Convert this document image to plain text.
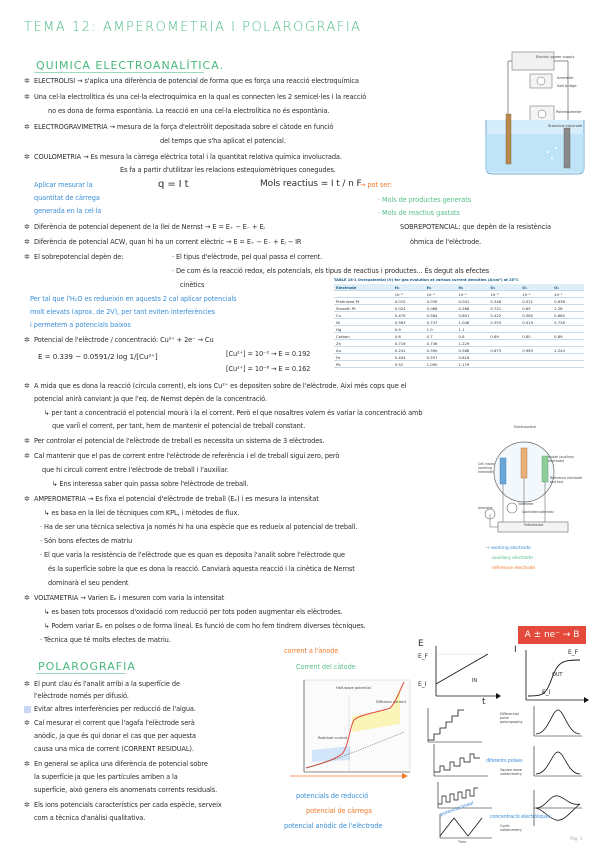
TEMA 12: AMPEROMETRIA I POLAROGRAFIA
QUIMICA ELECTROANALÍTICA.
Electric power supply
Ammeter
Salt bridge
Potentiometer
Standard electrode
✲ ELECTROLISI → s'aplica una diferència de potencial de forma que es força una reacció electroquímica
✲ Una cel·la electrolítica és una cel·la electroquímica en la qual es connecten les 2 semicel·les i la reacció
no es dona de forma espontània. La reacció en una cel·la electrolítica no és espontània.
✲ ELECTROGRAVIMETRIA → mesura de la força d'electròlit depositada sobre el càtode en funció
del temps que s'ha aplicat el potencial.
✲ COULOMETRIA → Es mesura la càrrega elèctrica total i la quantitat relativa química involucrada.
Es fa a partir d'utilitzar les relacions estequiomètriques conegudes.
Aplicar mesurar la
quantitat de càrrega
generada en la cel·la
q = I t	Mols reactius = I t / n F
→ pot ser:
· Mols de productes generats
· Mols de reactius gastats
✲ Diferència de potencial depenent de la llei de Nernst → E = E₊ − E₋ + Eⱼ	SOBREPOTENCIAL: que depèn de la resistència
✲ Diferència de potencial ACW, quan hi ha un corrent elèctric → E = E₊ − E₋ + Eⱼ − IR	òhmica de l'elèctrode.
✲ El sobrepotencial depèn de:	· El tipus d'elèctrode, pel qual passa el corrent.
· De com és la reacció redox, els potencials, els tipus de reactius i productes... És degut als efectes
cinètics
Per tal que l'H₂O es redueixin en aquests 2 cal aplicar potencials
molt elevats (aprox. de 2V), per tant eviten interferències
i permetem a potencials baixos
✲ Potencial de l'elèctrode / concentració: Cu²⁺ + 2e⁻ → Cu
E = 0.339 − 0.0591/2 log 1/[Cu²⁺]	[Cu²⁺] = 10⁻² → E = 0.192
[Cu²⁺] = 10⁻⁶ → E = 0.162
TABLE 18-1 Overpotential (V) for gas evolution at various current densities (A/cm²) at 25°C
Electrode	H₂	H₂	H₂	O₂	O₂	O₂
	10⁻³	10⁻²	10⁻¹	10⁻³	10⁻²	10⁻¹
Platinized Pt	0.015	0.030	0.041	0.348	0.521	0.638
Smooth Pt	0.024	0.068	0.288	0.721	0.85	1.28
Cu	0.479	0.584	0.801	0.422	0.580	0.660
Ni	0.563	0.747	1.048	0.353	0.519	0.726
Hg	0.9	1.0	1.1			
Carbon	0.6	0.7	0.8	0.69	0.80	0.89
Zn	0.716	0.746	1.229			
Au	0.241	0.390	0.588	0.673	0.963	1.244
Fe	0.404	0.557	0.818			
Pb	0.52	1.090	1.179			
✲ A mida que es dona la reacció (circula corrent), els ions Cu²⁺ es depositen sobre de l'elèctrode. Així més cops que el
potencial anirà canviant ja que l'eq. de Nernst depèn de la concentració.
↳ per tant a concentració el potencial mourà i la el corrent. Però el que nosaltres volem és variar la concentració amb
que variï el corrent, per tant, hem de mantenir el potencial de treball constant.
✲ Per controlar el potencial de l'elèctrode de treball es necessita un sistema de 3 elèctrodes.
✲ Cal mantenir que el pas de corrent entre l'elèctrode de referència i el de treball sigui zero, però
que hi circuli corrent entre l'elèctrode de treball i l'auxiliar.
↳ Ens interessa saber quin passa sobre l'elèctrode de treball.
✲ AMPEROMETRIA → Es fixa el potencial d'elèctrode de treball (Eₑ) i es mesura la intensitat
↳ es basa en la llei de tècniques com KPL, i mètodes de flux.
· Ha de ser una tècnica selectiva ja només hi ha una espècie que es redueix al potencial de treball.
· Són bons efectes de matriu
· El que varia la resistència de l'elèctrode que es quan es deposita l'analit sobre l'elèctrode que
és la superfície sobre la que es dona la reacció. Canviarà aquesta reacció i la cinètica de Nernst
dominarà el seu pendent
✲ VOLTAMETRIA → Varien Eₑ i mesuren com varia la intensitat
↳ es basen tots processos d'oxidació com reducció per tots poden augmentar els elèctrodes.
↳ Podem variar Eₑ en polses o de forma lineal. Es funció de com ho fem tindrem diverses tècniques.
· Tècnica que té molts efectes de matriu.
Electroactive
Anode (auxiliary electrode)
Cell inside (working electrode)
Reference electrode and test
Voltmeter
Controlled potential
Ammeter
Potentiostat
→ working electrode
auxiliary electrode
reference electrode
POLAROGRAFIA
✲ El punt clau és l'analit arribi a la superfície de
l'elèctrode només per difusió.
Evitar altres interferències per reducció de l'aigua.
✲ Cal mesurar el corrent que l'agafa l'elèctrode serà
anòdic, ja que és qui donar el cas que per aquesta
causa una mica de corrent (CORRENT RESIDUAL).
✲ En general se aplica una diferència de potencial sobre
la superfície ja que les partícules arriben a la
superfície, això genera els anomenats corrents residuals.
✲ Els ions potencials característics per cada espècie, serveix
com a tècnica d'anàlisi qualitativa.
corrent a l'ànode
Corrent del càtode
Diffusion current
Residual current
Half-wave potential
potencials de reducció
potencial de càrrega
potencial anòdic de l'elèctrode
E
E_F
E_I	IN
t
A ± ne⁻ → B
I	E_F
OUT
E_I
Differential pulse polarography
Square wave voltammetry
Cyclic voltammetry
Time
diferents polses
potencial lineal	concentració electròliques
Pàg. 1
